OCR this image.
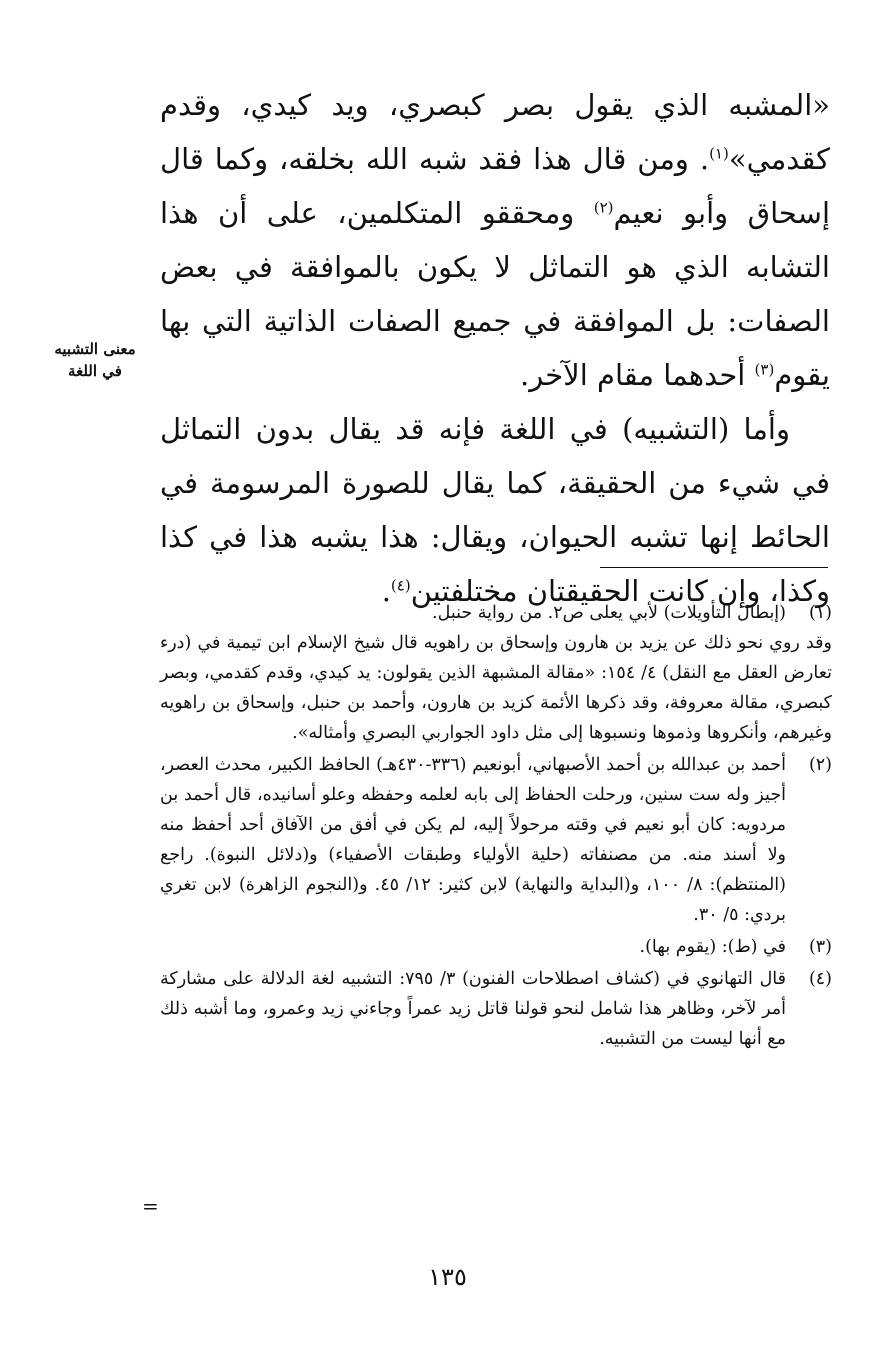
«المشبه الذي يقول بصر كبصري، ويد كيدي، وقدم كقدمي»$^{(١)}$. ومن قال هذا فقد شبه الله بخلقه، وكما قال إسحاق وأبو نعيم$^{(٢)}$ ومحققو المتكلمين، على أن هذا التشابه الذي هو التماثل لا يكون بالموافقة في بعض الصفات: بل الموافقة في جميع الصفات الذاتية التي بها يقوم$^{(٣)}$ أحدهما مقام الآخر.

وأما (التشبيه) في اللغة فإنه قد يقال بدون التماثل في شيء من الحقيقة، كما يقال للصورة المرسومة في الحائط إنها تشبه الحيوان، ويقال: هذا يشبه هذا في كذا وكذا، وإن كانت الحقيقتان مختلفتين$^{(٤)}$.

معنى التشبيه
في اللغة
(١)

(إبطال التأويلات) لأبي يعلى ص٢. من رواية حنبل.

وقد روي نحو ذلك عن يزيد بن هارون وإسحاق بن راهويه قال شيخ الإسلام ابن تيمية في (درء تعارض العقل مع النقل) ٤/ ١٥٤: «مقالة المشبهة الذين يقولون: يد كيدي، وقدم كقدمي، وبصر كبصري، مقالة معروفة، وقد ذكرها الأئمة كزيد بن هارون، وأحمد بن حنبل، وإسحاق بن راهويه وغيرهم، وأنكروها وذموها ونسبوها إلى مثل داود الجواربي البصري وأمثاله».

(٢)

أحمد بن عبدالله بن أحمد الأصبهاني، أبونعيم (٣٣٦-٤٣٠هـ) الحافظ الكبير، محدث العصر، أجيز وله ست سنين، ورحلت الحفاظ إلى بابه لعلمه وحفظه وعلو أسانيده، قال أحمد بن مردويه: كان أبو نعيم في وقته مرحولاً إليه، لم يكن في أفق من الآفاق أحد أحفظ منه ولا أسند منه. من مصنفاته (حلية الأولياء وطبقات الأصفياء) و(دلائل النبوة). راجع (المنتظم): ٨/ ١٠٠، و(البداية والنهاية) لابن كثير: ١٢/ ٤٥. و(النجوم الزاهرة) لابن تغري بردي: ٥/ ٣٠.

(٣)

في (ط): (يقوم بها).

(٤)

قال التهانوي في (كشاف اصطلاحات الفنون) ٣/ ٧٩٥: التشبيه لغة الدلالة على مشاركة أمر لآخر، وظاهر هذا شامل لنحو قولنا قاتل زيد عمراً وجاءني زيد وعمرو، وما أشبه ذلك مع أنها ليست من التشبيه.

=
١٣٥
